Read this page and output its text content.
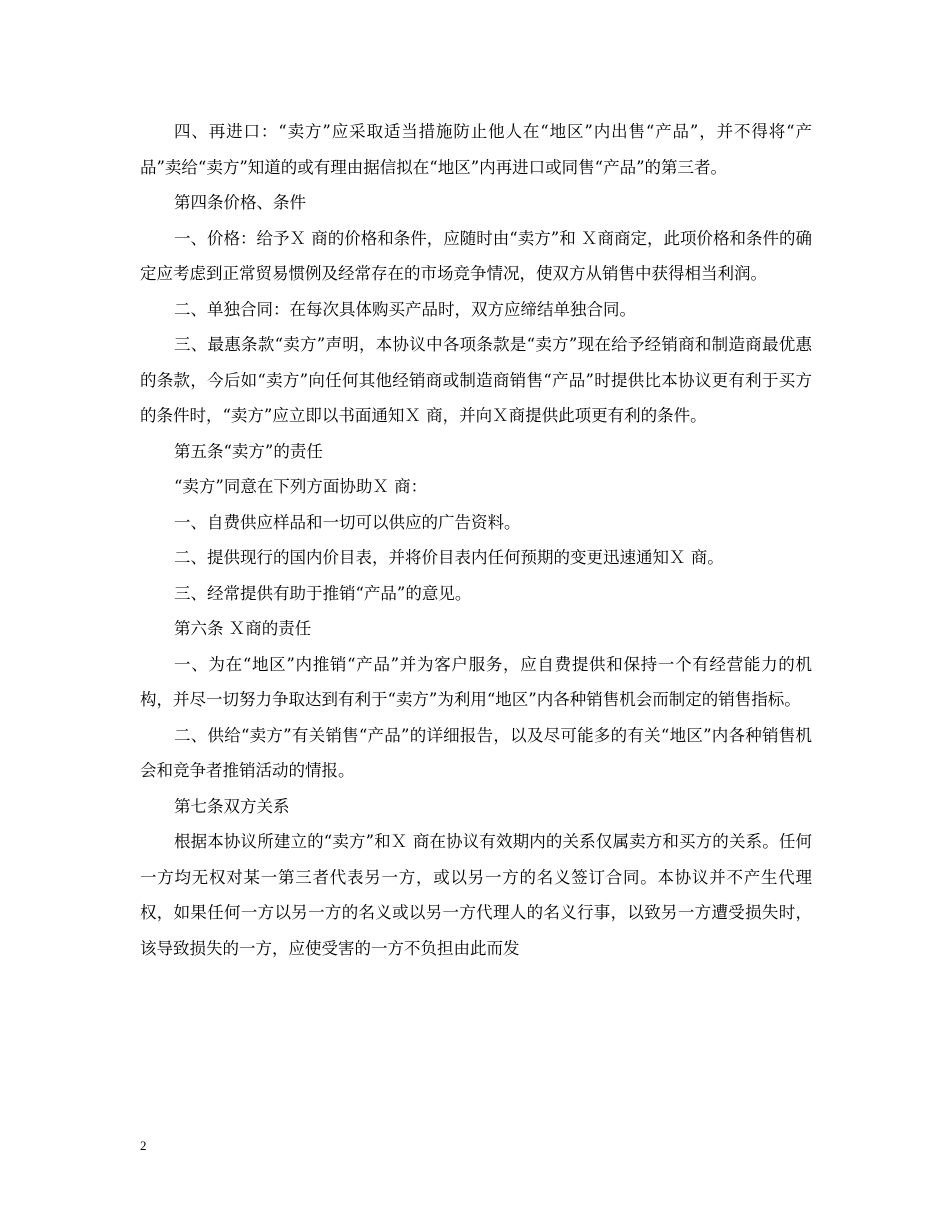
四、再进口：“卖方”应采取适当措施防止他人在“地区”内出售“产品”，并不得将“产品”卖给“卖方”知道的或有理由据信拟在“地区”内再进口或同售“产品”的第三者。

第四条价格、条件

一、价格：给予Ｘ 商的价格和条件，应随时由“卖方”和 Ｘ商商定，此项价格和条件的确定应考虑到正常贸易惯例及经常存在的市场竞争情况，使双方从销售中获得相当利润。

二、单独合同：在每次具体购买产品时，双方应缔结单独合同。

三、最惠条款“卖方”声明，本协议中各项条款是“卖方”现在给予经销商和制造商最优惠的条款，今后如“卖方”向任何其他经销商或制造商销售“产品”时提供比本协议更有利于买方的条件时，“卖方”应立即以书面通知Ｘ 商，并向Ｘ商提供此项更有利的条件。

第五条“卖方”的责任

“卖方”同意在下列方面协助Ｘ 商：

一、自费供应样品和一切可以供应的广告资料。

二、提供现行的国内价目表，并将价目表内任何预期的变更迅速通知Ｘ 商。

三、经常提供有助于推销“产品”的意见。

第六条 Ｘ商的责任

一、为在“地区”内推销“产品”并为客户服务，应自费提供和保持一个有经营能力的机构，并尽一切努力争取达到有利于“卖方”为利用“地区”内各种销售机会而制定的销售指标。

二、供给“卖方”有关销售“产品”的详细报告，以及尽可能多的有关“地区”内各种销售机会和竞争者推销活动的情报。

第七条双方关系

根据本协议所建立的“卖方”和Ｘ 商在协议有效期内的关系仅属卖方和买方的关系。任何一方均无权对某一第三者代表另一方，或以另一方的名义签订合同。本协议并不产生代理权，如果任何一方以另一方的名义或以另一方代理人的名义行事，以致另一方遭受损失时，该导致损失的一方，应使受害的一方不负担由此而发

2
